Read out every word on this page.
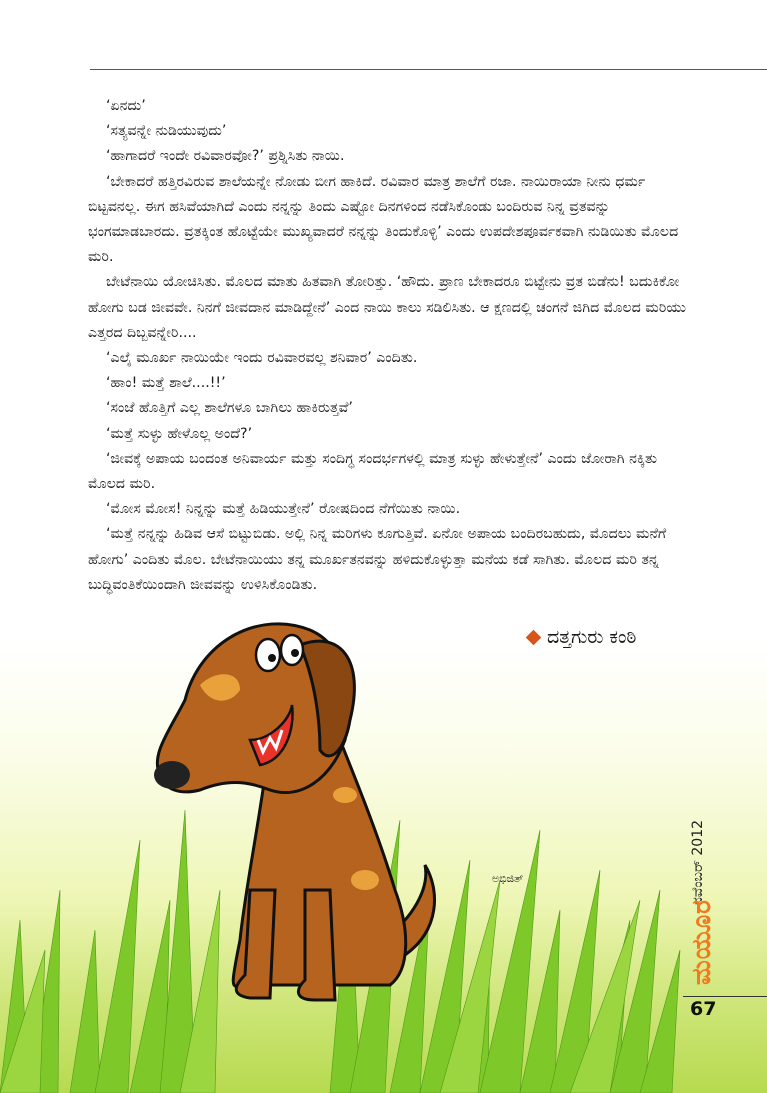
‘ಏನದು’

‘ಸತ್ಯವನ್ನೇ ನುಡಿಯುವುದು’

‘ಹಾಗಾದರೆ ಇಂದೇ ರವಿವಾರವೋ?’ ಪ್ರಶ್ನಿಸಿತು ನಾಯಿ.

‘ಬೇಕಾದರೆ ಹತ್ತಿರವಿರುವ ಶಾಲೆಯನ್ನೇ ನೋಡು ಬೀಗ ಹಾಕಿದೆ. ರವಿವಾರ ಮಾತ್ರ ಶಾಲೆಗೆ ರಜಾ. ನಾಯಿರಾಯಾ ನೀನು ಧರ್ಮ ಬಿಟ್ಟವನಲ್ಲ. ಈಗ ಹಸಿವೆಯಾಗಿದೆ ಎಂದು ನನ್ನನ್ನು ತಿಂದು ಎಷ್ಟೋ ದಿನಗಳಿಂದ ನಡೆಸಿಕೊಂಡು ಬಂದಿರುವ ನಿನ್ನ ವ್ರತವನ್ನು ಭಂಗಮಾಡಬಾರದು. ವ್ರತಕ್ಕಿಂತ ಹೊಟ್ಟೆಯೇ ಮುಖ್ಯವಾದರೆ ನನ್ನನ್ನು ತಿಂದುಕೊಳ್ಳಿ’ ಎಂದು ಉಪದೇಶಪೂರ್ವಕವಾಗಿ ನುಡಿಯಿತು ಮೊಲದ ಮರಿ.

ಬೇಟೆನಾಯಿ ಯೋಚಿಸಿತು. ಮೊಲದ ಮಾತು ಹಿತವಾಗಿ ತೋರಿತ್ತು. ‘ಹೌದು. ಪ್ರಾಣ ಬೇಕಾದರೂ ಬಿಟ್ಟೇನು ವ್ರತ ಬಿಡೆನು! ಬದುಕಿಕೋ ಹೋಗು ಬಡ ಜೀವವೇ. ನಿನಗೆ ಜೀವದಾನ ಮಾಡಿದ್ದೇನೆ’ ಎಂದ ನಾಯಿ ಕಾಲು ಸಡಿಲಿಸಿತು. ಆ ಕ್ಷಣದಲ್ಲಿ ಚಂಗನೆ ಜಿಗಿದ ಮೊಲದ ಮರಿಯು ಎತ್ತರದ ದಿಬ್ಬವನ್ನೇರಿ....

‘ಎಲೈ ಮೂರ್ಖ ನಾಯಿಯೇ ಇಂದು ರವಿವಾರವಲ್ಲ ಶನಿವಾರ’ ಎಂದಿತು.

‘ಹಾಂ! ಮತ್ತೆ ಶಾಲೆ....!!’

‘ಸಂಜೆ ಹೊತ್ತಿಗೆ ಎಲ್ಲ ಶಾಲೆಗಳೂ ಬಾಗಿಲು ಹಾಕಿರುತ್ತವೆ’

‘ಮತ್ತೆ ಸುಳ್ಳು ಹೇಳೊಲ್ಲ ಅಂದೆ?’

‘ಜೀವಕ್ಕೆ ಅಪಾಯ ಬಂದಂತ ಅನಿವಾರ್ಯ ಮತ್ತು ಸಂದಿಗ್ಧ ಸಂದರ್ಭಗಳಲ್ಲಿ ಮಾತ್ರ ಸುಳ್ಳು ಹೇಳುತ್ತೇನೆ’ ಎಂದು ಜೋರಾಗಿ ನಕ್ಕಿತು ಮೊಲದ ಮರಿ.

‘ಮೋಸ ಮೋಸ! ನಿನ್ನನ್ನು ಮತ್ತೆ ಹಿಡಿಯುತ್ತೇನೆ’ ರೋಷದಿಂದ ನೆಗೆಯಿತು ನಾಯಿ.

‘ಮತ್ತೆ ನನ್ನನ್ನು ಹಿಡಿವ ಆಸೆ ಬಿಟ್ಟುಬಿಡು. ಅಲ್ಲಿ ನಿನ್ನ ಮರಿಗಳು ಕೂಗುತ್ತಿವೆ. ಏನೋ ಅಪಾಯ ಬಂದಿರಬಹುದು, ಮೊದಲು ಮನೆಗೆ ಹೋಗು’ ಎಂದಿತು ಮೊಲ. ಬೇಟೆನಾಯಿಯು ತನ್ನ ಮೂರ್ಖತನವನ್ನು ಹಳಿದುಕೊಳ್ಳುತ್ತಾ ಮನೆಯ ಕಡೆ ಸಾಗಿತು. ಮೊಲದ ಮರಿ ತನ್ನ ಬುದ್ಧಿವಂತಿಕೆಯಿಂದಾಗಿ ಜೀವವನ್ನು ಉಳಿಸಿಕೊಂಡಿತು.

ಅಭಿಜಿತ್
ದತ್ತಗುರು ಕಂಠಿ
ನವೆಂಬರ್ 2012
ಮಯೂರ
67
